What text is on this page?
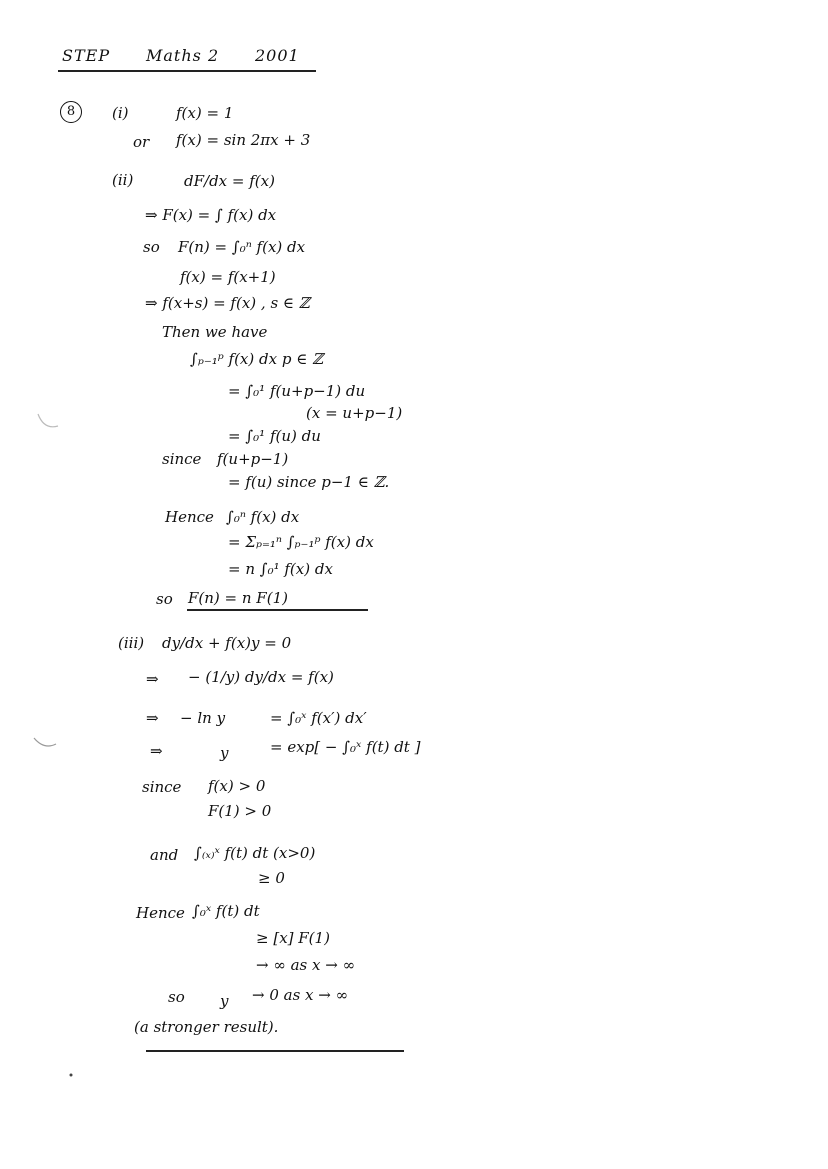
STEP Maths 2 2001
8	(i)	f(x) = 1
or f(x) = sin 2πx + 3
(ii)	dF/dx = f(x)
⇒ F(x) = ∫ f(x) dx
so F(n) = ∫₀ⁿ f(x) dx
f(x) = f(x+1)
⇒ f(x+s) = f(x) , s ∈ ℤ
Then we have
∫ₚ₋₁ᵖ f(x) dx p ∈ ℤ
= ∫₀¹ f(u+p−1) du
(x = u+p−1)
= ∫₀¹ f(u) du
since f(u+p−1)
= f(u) since p−1 ∈ ℤ.
Hence ∫₀ⁿ f(x) dx
= Σₚ₌₁ⁿ ∫ₚ₋₁ᵖ f(x) dx
= n ∫₀¹ f(x) dx
so F(n) = n F(1)
(iii) dy/dx + f(x)y = 0
⇒ − (1/y) dy/dx = f(x)
⇒ − ln y	= ∫₀ˣ f(x′) dx′
⇒	y	= exp[ − ∫₀ˣ f(t) dt ]
since f(x) > 0
F(1) > 0
and ∫₍ₓ₎ˣ f(t) dt (x>0)
≥ 0
Hence ∫₀ˣ f(t) dt
≥ [x] F(1)
→ ∞ as x → ∞
so y → 0 as x → ∞
(a stronger result).
